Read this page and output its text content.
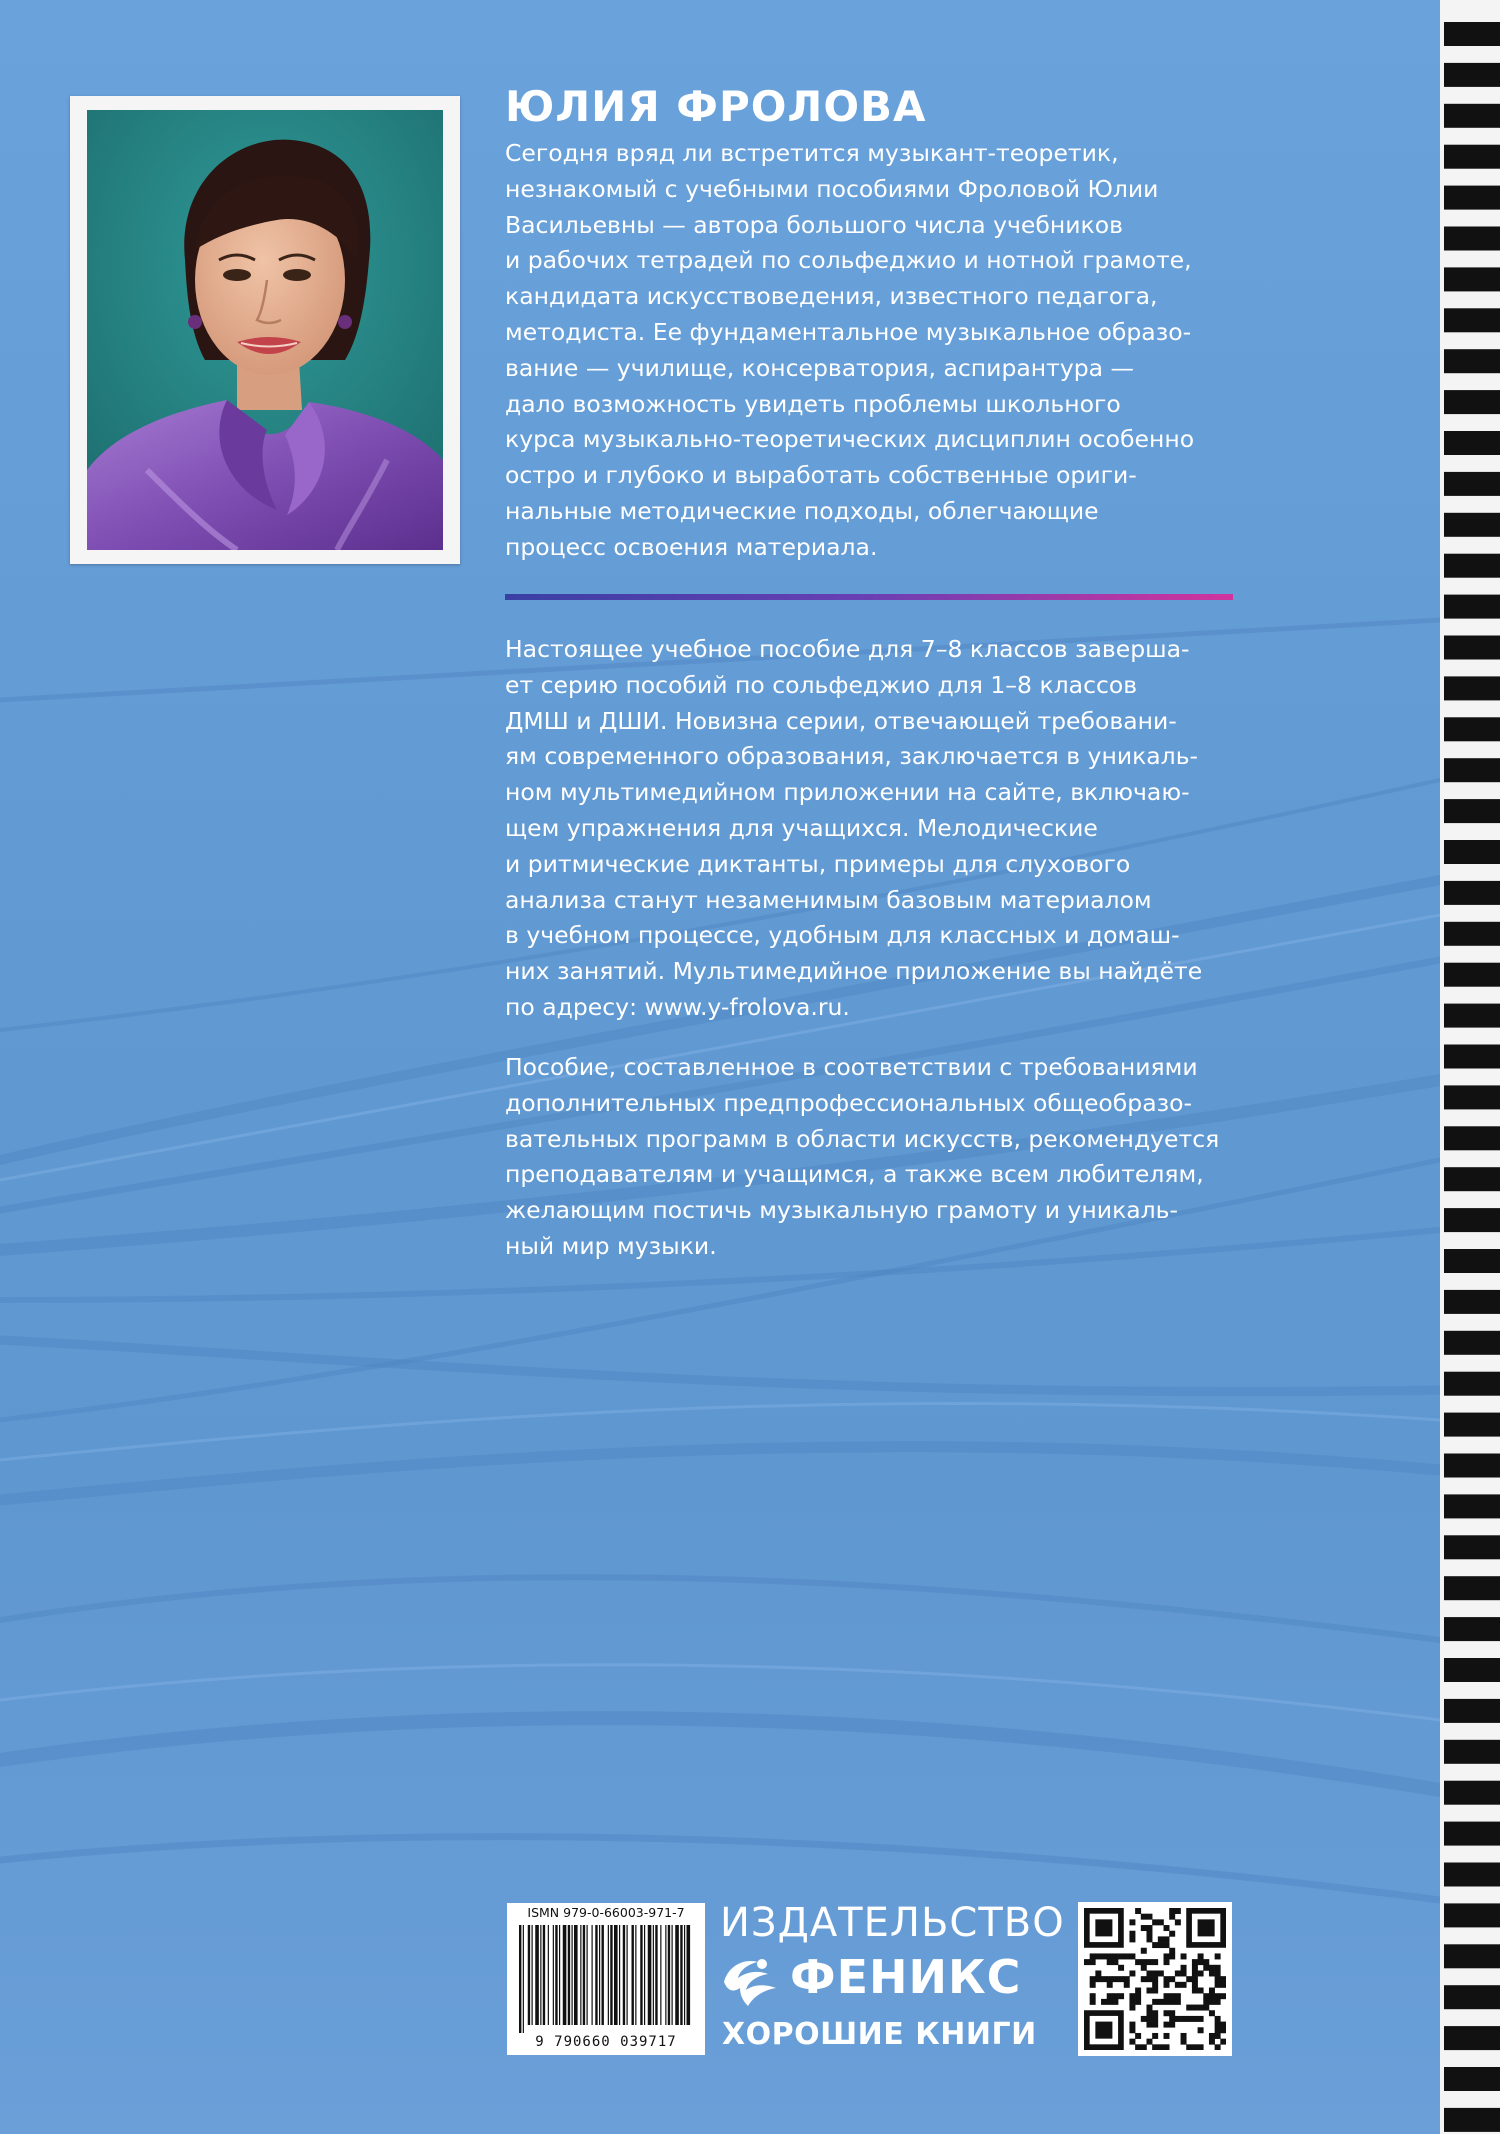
ЮЛИЯ ФРОЛОВА

Сегодня вряд ли встретится музыкант-теоретик,
незнакомый с учебными пособиями Фроловой Юлии
Васильевны — автора большого числа учебников
и рабочих тетрадей по сольфеджио и нотной грамоте,
кандидата искусствоведения, известного педагога,
методиста. Ее фундаментальное музыкальное образо-
вание — училище, консерватория, аспирантура —
дало возможность увидеть проблемы школьного
курса музыкально-теоретических дисциплин особенно
остро и глубоко и выработать собственные ориги-
нальные методические подходы, облегчающие
процесс освоения материала.

Настоящее учебное пособие для 7–8 классов заверша-
ет серию пособий по сольфеджио для 1–8 классов
ДМШ и ДШИ. Новизна серии, отвечающей требовани-
ям современного образования, заключается в уникаль-
ном мультимедийном приложении на сайте, включаю-
щем упражнения для учащихся. Мелодические
и ритмические диктанты, примеры для слухового
анализа станут незаменимым базовым материалом
в учебном процессе, удобным для классных и домаш-
них занятий. Мультимедийное приложение вы найдёте
по адресу: www.y-frolova.ru.

Пособие, составленное в соответствии с требованиями
дополнительных предпрофессиональных общеобразо-
вательных программ в области искусств, рекомендуется
преподавателям и учащимся, а также всем любителям,
желающим постичь музыкальную грамоту и уникаль-
ный мир музыки.

ISMN 979-0-66003-971-7
9 790660 039717
ИЗДАТЕЛЬСТВО
ФЕНИКС
ХОРОШИЕ КНИГИ
